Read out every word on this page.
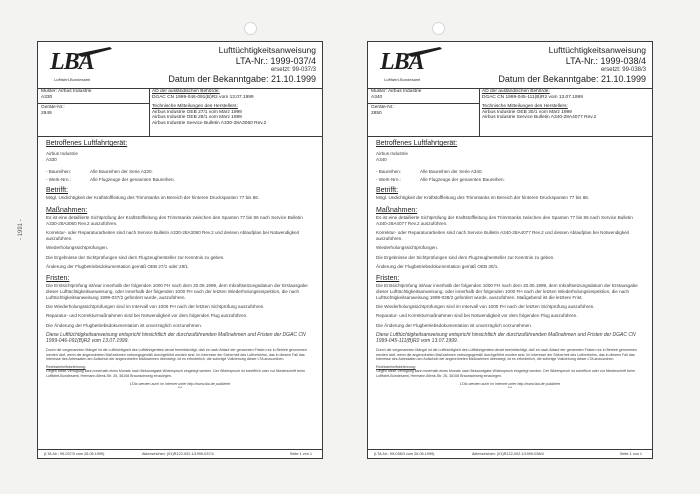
- 1991 -
LBA
Luftfahrt-Bundesamt
Lufttüchtigkeitsanweisung
LTA-Nr.: 1999-037/4
ersetzt: 99-037/3
Datum der Bekanntgabe: 21.10.1999
Muster: Airbus Industrie
A330
Geräte-Nr.:
2849
AD der ausländischen Behörde:
DGAC CN 1999-046-091(B)R2 vom 13.07.1999
Technische Mitteilungen des Herstellers:
Airbus Industrie OEB 27/1 vom März 1999
Airbus Industrie OEB 28/1 vom März 1999
Airbus Industrie Service Bulletin A330-28A3060 Rev.2
Betroffenes Luftfahrtgerät:
Airbus Industrie
A330
- Baureihen:	Alle Baureihen der Serie A330.
- Werk-Nrn.:	Alle Flugzeuge der genannten Baureihen.
Betrifft:

Mögl. Undichtigkeit der Kraftstoffleitung des Trimmtanks im Bereich der hinteren Druckspanten 77 bis 86.

Maßnahmen:

Es ist eine detaillierte Sichtprüfung der Kraftstoffleitung des Trimmtanks zwischen den Spanten 77 bis 86 nach Service Bulletin A330-28A3060 Rev.2 auszuführen.

Korrektur- oder Reparaturarbeiten sind nach Service Bulletin A330-28A3060 Rev.2 und dessen Ablaufplan bei Notwendigkeit auszuführen.

Wiederholungssichtprüfungen.

Die Ergebnisse der Sichtprüfungen sind dem Flugzeughersteller zur Kenntnis zu geben.

Änderung der Flugbetriebsdokumentation gemäß OEB 27/1 oder 28/1.

Fristen:

Die Erstsichtprüfung ist/war innerhalb der folgenden 1000 FH nach dem 20.05.1999, dem Inkraftsetzungsdatum der Erstausgabe dieser Lufttüchtigkeitsanweisung, oder innerhalb der folgenden 1000 FH nach der letzten Wiederholungsinspektion, die nach Lufttüchtigkeitsanweisung 1999-037/2 gefordert wurde, auszuführen.

Die Wiederholungssichtprüfungen sind im Intervall von 1000 FH nach der letzten Sichtprüfung auszuführen.

Reparatur- und Korrekturmaßnahmen sind bei Notwendigkeit vor dem folgenden Flug auszuführen.

Die Änderung der Flugbetriebsdokumentation ist unverzüglich vorzunehmen.

Diese Lufttüchtigkeitsanweisung entspricht hinsichtlich der durchzuführenden Maßnahmen und Fristen der DGAC CN 1999-046-091(B)R2 vom 13.07.1999.

Durch die vorgenannten Mängel ist die Lufttüchtigkeit des Luftfahrtgerätes derart beeinträchtigt, daß es nach Ablauf der genannten Fristen nur in Betrieb genommen werden darf, wenn die angeordneten Maßnahmen ordnungsgemäß durchgeführt worden sind. Im Interesse der Sicherheit des Luftverkehrs, das in diesem Fall das Interesse des Adressaten am Aufschub der angeordneten Maßnahmen überwiegt, ist es erforderlich, die sofortige Vollziehung dieser LTA anzuordnen.

Rechtsbehelfsbelehrung:

Gegen diese Verfügung kann innerhalb eines Monats nach Bekanntgabe Widerspruch eingelegt werden. Der Widerspruch ist schriftlich oder zur Niederschrift beim Luftfahrt-Bundesamt, Hermann-Blenk-Str. 26, 38108 Braunschweig einzulegen.

LTAs werden auch im Internet unter http://www.lba.de publiziert
***
(LTA-Nr.: 99-037/3 vom 26.05.1999)	Aktenzeichen: (01)R122-002.1/1999-037/4	Seite 1 von 1
LBA
Luftfahrt-Bundesamt
Lufttüchtigkeitsanweisung
LTA-Nr.: 1999-038/4
ersetzt: 99-038/3
Datum der Bekanntgabe: 21.10.1999
Muster: Airbus Industrie
A340
Geräte-Nr.:
2850
AD der ausländischen Behörde:
DGAC CN 1999-045-111(B)R2 vom 13.07.1999
Technische Mitteilungen des Herstellers:
Airbus Industrie OEB 30/1 vom März 1999
Airbus Industrie Service Bulletin A340-28A4077 Rev.2
Betroffenes Luftfahrtgerät:
Airbus Industrie
A340
- Baureihen:	Alle Baureihen der Serie A340.
- Werk-Nrn.:	Alle Flugzeuge der genannten Baureihen.
Betrifft:

Mögl. Undichtigkeit der Kraftstoffleitung des Trimmtanks im Bereich der hinteren Druckspanten 77 bis 86.

Maßnahmen:

Es ist eine detaillierte Sichtprüfung der Kraftstoffleitung des Trimmtanks zwischen den Spanten 77 bis 86 nach Service Bulletin A340-28A4077 Rev.2 auszuführen.

Korrektur- oder Reparaturarbeiten sind nach Service Bulletin A340-28A4077 Rev.2 und dessen Ablaufplan bei Notwendigkeit auszuführen.

Wiederholungssichtprüfungen.

Die Ergebnisse der Sichtprüfungen sind dem Flugzeughersteller zur Kenntnis zu geben.

Änderung der Flugbetriebsdokumentation gemäß OEB 30/1.

Fristen:

Die Erstsichtprüfung ist/war innerhalb der folgenden 1000 FH nach dem 20.05.1999, dem Inkraftsetzungsdatum der Erstausgabe dieser Lufttüchtigkeitsanweisung, oder innerhalb der folgenden 1000 FH nach der letzten Wiederholungsinspektion, die nach Lufttüchtigkeitsanweisung 1999-038/2 gefordert wurde, auszuführen. Maßgebend ist die letztere Frist.

Die Wiederholungssichtprüfungen sind im Intervall von 1000 FH nach der letzten Sichtprüfung auszuführen.

Reparatur- und Korrekturmaßnahmen sind bei Notwendigkeit vor dem folgenden Flug auszuführen.

Die Änderung der Flugbetriebsdokumentation ist unverzüglich vorzunehmen.

Diese Lufttüchtigkeitsanweisung entspricht hinsichtlich der durchzuführenden Maßnahmen und Fristen der DGAC CN 1999-045-111(B)R2 vom 13.07.1999.

Durch die vorgenannten Mängel ist die Lufttüchtigkeit des Luftfahrtgerätes derart beeinträchtigt, daß es nach Ablauf der genannten Fristen nur in Betrieb genommen werden darf, wenn die angeordneten Maßnahmen ordnungsgemäß durchgeführt worden sind. Im Interesse der Sicherheit des Luftverkehrs, das in diesem Fall das Interesse des Adressaten am Aufschub der angeordneten Maßnahmen überwiegt, ist es erforderlich, die sofortige Vollziehung dieser LTA anzuordnen.

Rechtsbehelfsbelehrung:

Gegen diese Verfügung kann innerhalb eines Monats nach Bekanntgabe Widerspruch eingelegt werden. Der Widerspruch ist schriftlich oder zur Niederschrift beim Luftfahrt-Bundesamt, Hermann-Blenk-Str. 26, 38108 Braunschweig einzulegen.

LTAs werden auch im Internet unter http://www.lba.de publiziert
***
(LTA-Nr.: 99-038/3 vom 26.05.1999)	Aktenzeichen: (01)R122-002.1/1999-038/4	Seite 1 von 1
